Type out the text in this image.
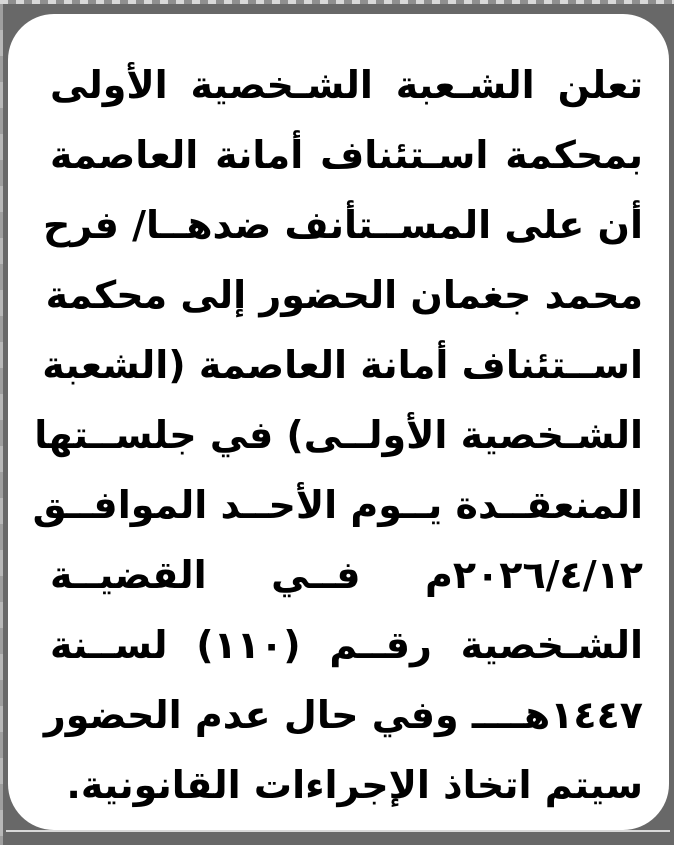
تعلن الشـعبة الشـخصية الأولى
بمحكمة اسـتئناف أمانة العاصمة
أن على المســتأنف ضدهــا/ فرح
محمد جغمان الحضور إلى محكمة
اســتئناف أمانة العاصمة (الشعبة
الشـخصية الأولــى) في جلســتها
المنعقــدة يــوم الأحــد الموافــق
٢٠٢٦/٤/١٢م فــي القضيــة
الشـخصية رقــم (١١٠) لســنة
١٤٤٧هــــ وفي حال عدم الحضور
سيتم اتخاذ الإجراءات القانونية.
